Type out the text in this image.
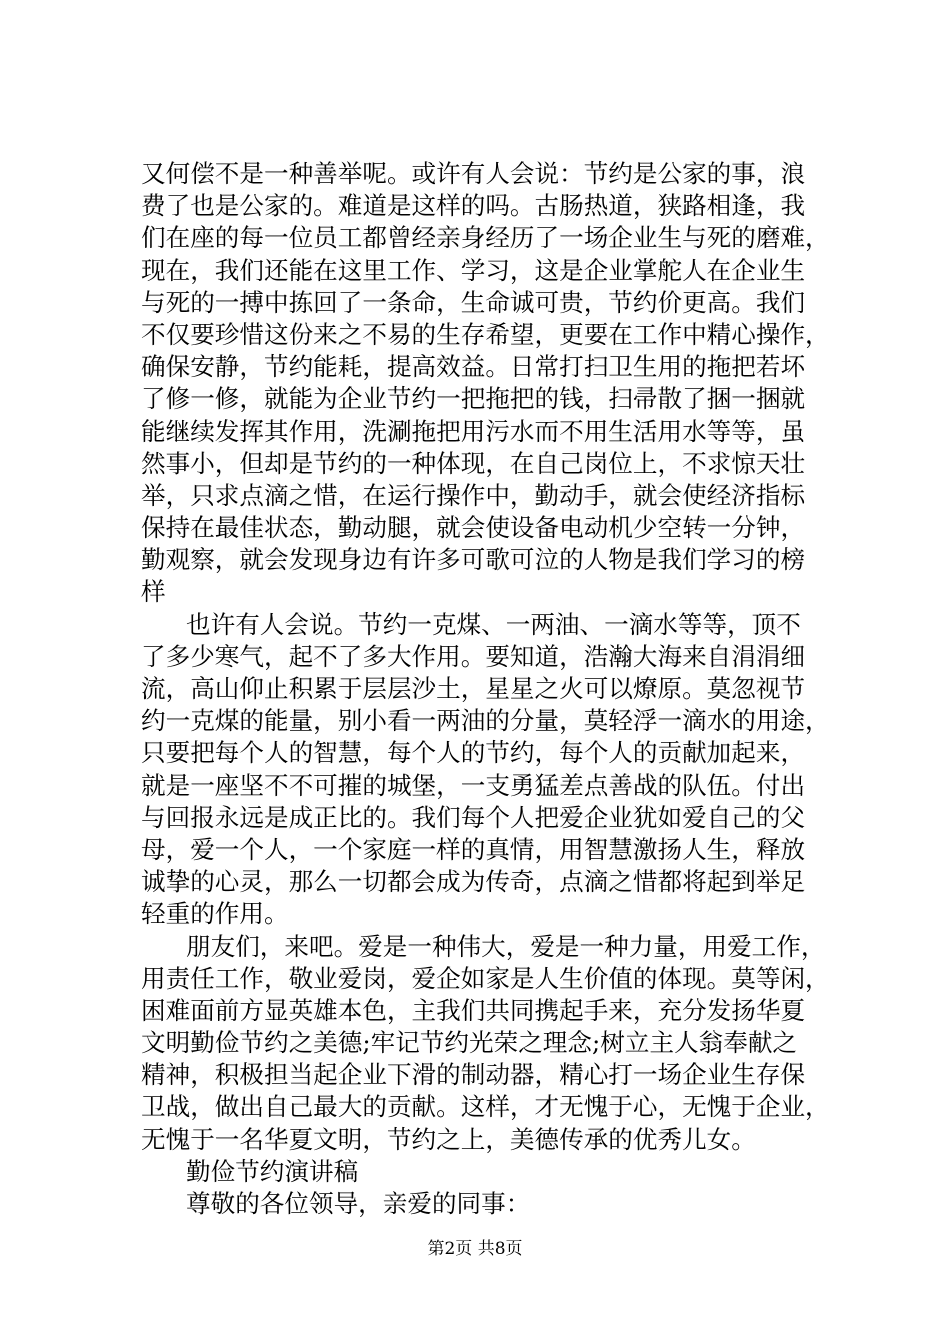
又何偿不是一种善举呢。或许有人会说：节约是公家的事，浪
费了也是公家的。难道是这样的吗。古肠热道，狭路相逢，我
们在座的每一位员工都曾经亲身经历了一场企业生与死的磨难，
现在，我们还能在这里工作、学习，这是企业掌舵人在企业生
与死的一搏中拣回了一条命，生命诚可贵，节约价更高。我们
不仅要珍惜这份来之不易的生存希望，更要在工作中精心操作，
确保安静，节约能耗，提高效益。日常打扫卫生用的拖把若坏
了修一修，就能为企业节约一把拖把的钱，扫帚散了捆一捆就
能继续发挥其作用，洗涮拖把用污水而不用生活用水等等，虽
然事小，但却是节约的一种体现，在自己岗位上，不求惊天壮
举，只求点滴之惜，在运行操作中，勤动手，就会使经济指标
保持在最佳状态，勤动腿，就会使设备电动机少空转一分钟，
勤观察，就会发现身边有许多可歌可泣的人物是我们学习的榜
样
也许有人会说。节约一克煤、一两油、一滴水等等，顶不
了多少寒气，起不了多大作用。要知道，浩瀚大海来自涓涓细
流，高山仰止积累于层层沙土，星星之火可以燎原。莫忽视节
约一克煤的能量，别小看一两油的分量，莫轻浮一滴水的用途，
只要把每个人的智慧，每个人的节约，每个人的贡献加起来，
就是一座坚不不可摧的城堡，一支勇猛差点善战的队伍。付出
与回报永远是成正比的。我们每个人把爱企业犹如爱自己的父
母，爱一个人，一个家庭一样的真情，用智慧激扬人生，释放
诚挚的心灵，那么一切都会成为传奇，点滴之惜都将起到举足
轻重的作用。
朋友们，来吧。爱是一种伟大，爱是一种力量，用爱工作，
用责任工作，敬业爱岗，爱企如家是人生价值的体现。莫等闲，
困难面前方显英雄本色，主我们共同携起手来，充分发扬华夏
文明勤俭节约之美德;牢记节约光荣之理念;树立主人翁奉献之
精神，积极担当起企业下滑的制动器，精心打一场企业生存保
卫战，做出自己最大的贡献。这样，才无愧于心，无愧于企业，
无愧于一名华夏文明，节约之上，美德传承的优秀儿女。
勤俭节约演讲稿
尊敬的各位领导，亲爱的同事：
第2页 共8页
